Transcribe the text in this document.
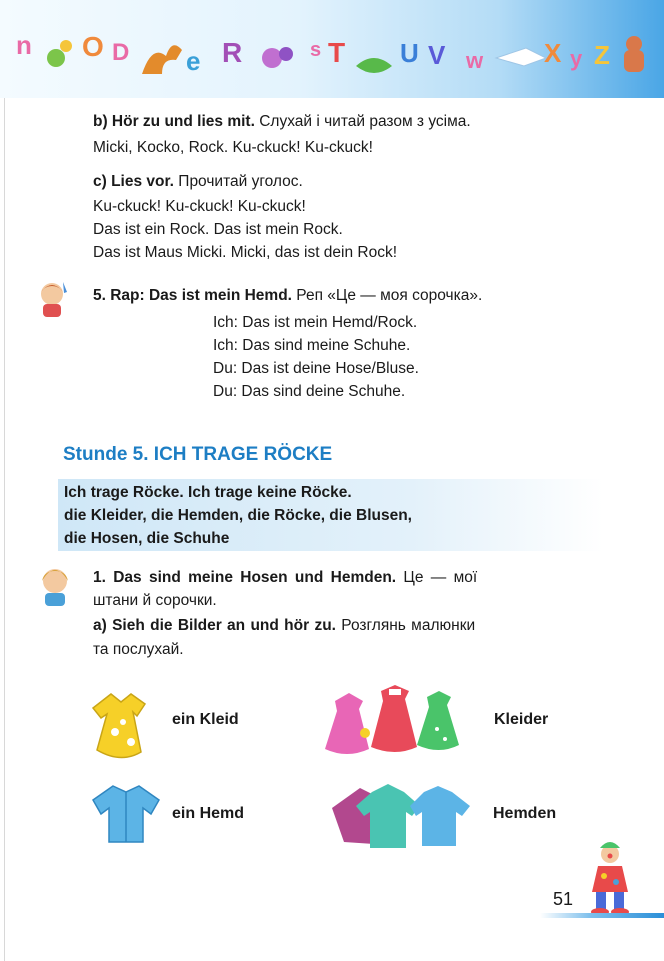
n O D e R	s T U V w X y Z

b) Hör zu und lies mit. Слухай і читай разом з усіма.

Micki, Kocko, Rock. Ku-ckuck! Ku-ckuck!

c) Lies vor. Прочитай уголос.

Ku-ckuck! Ku-ckuck! Ku-ckuck!

Das ist ein Rock. Das ist mein Rock.

Das ist Maus Micki. Micki, das ist dein Rock!

5. Rap: Das ist mein Hemd. Реп «Це — моя сорочка».

Ich: Das ist mein Hemd/Rock.

Ich: Das sind meine Schuhe.

Du: Das ist deine Hose/Bluse.

Du: Das sind deine Schuhe.

Stunde 5. ICH TRAGE RÖCKE

Ich trage Röcke. Ich trage keine Röcke.

die Kleider, die Hemden, die Röcke, die Blusen,

die Hosen, die Schuhe

1. Das sind meine Hosen und Hemden. Це — мої

штани й сорочки.

a) Sieh die Bilder an und hör zu. Розглянь малюнки

та послухай.

ein Kleid	Kleider

ein Hemd	Hemden

51
